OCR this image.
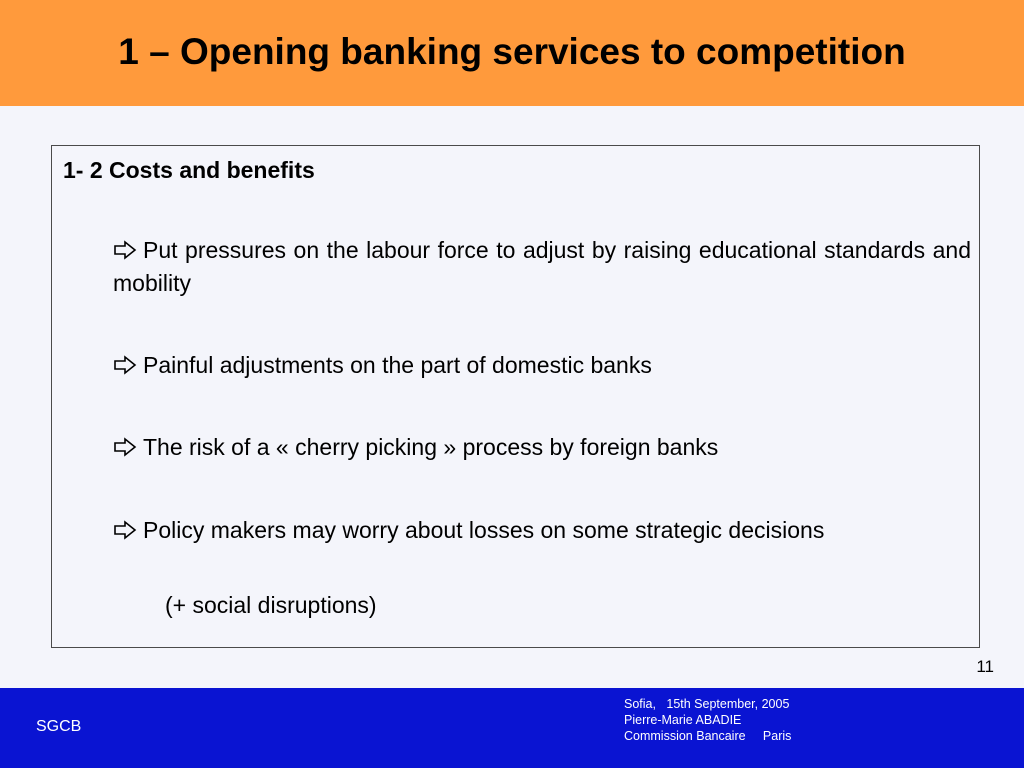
1 – Opening banking services to competition

1- 2 Costs and benefits

Put pressures on the labour force to adjust by raising educational standards and mobility

Painful adjustments on the part of domestic banks

The risk of a « cherry picking » process by foreign banks

Policy makers may worry about losses on some strategic decisions

(+ social disruptions)

11
SGCB
Sofia,   15th September, 2005
Pierre-Marie ABADIE
Commission Bancaire     Paris
